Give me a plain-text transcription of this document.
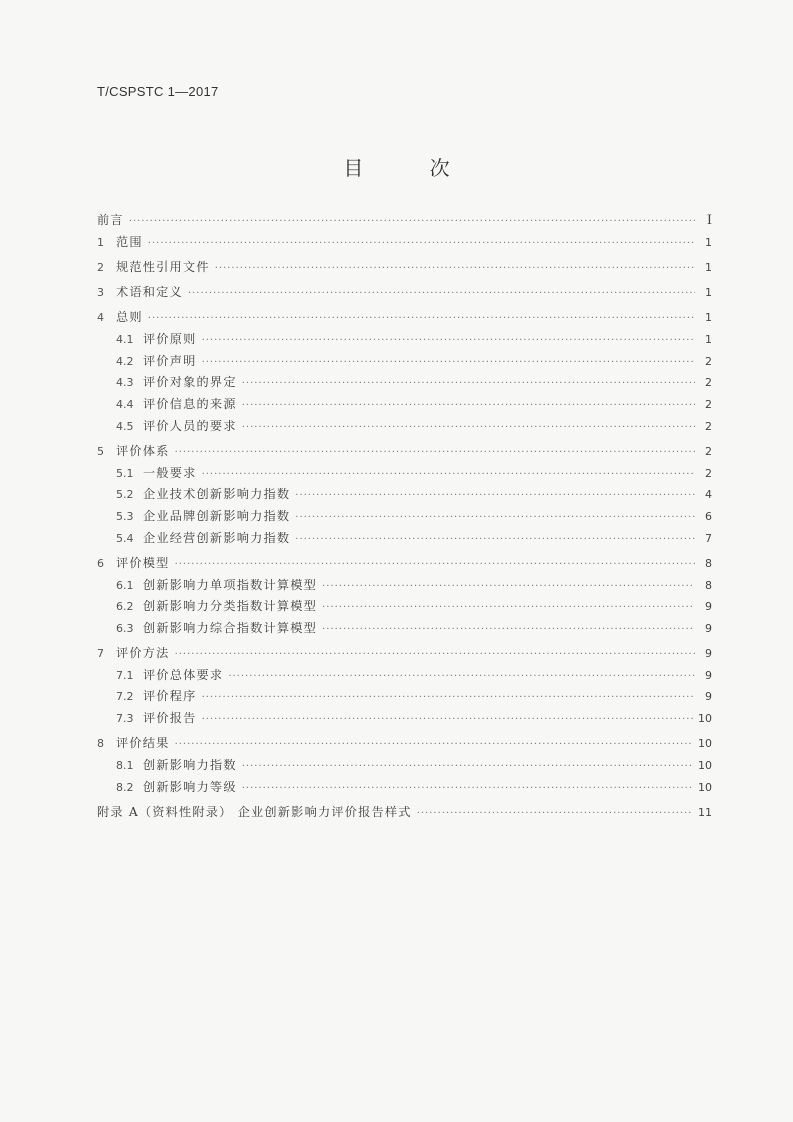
T/CSPSTC 1—2017
目 次
前言 ·····	Ⅰ
1 范围 ·····	1
2 规范性引用文件 ·····	1
3 术语和定义 ·····	1
4 总则 ·····	1
4.1 评价原则 ·····	1
4.2 评价声明 ·····	2
4.3 评价对象的界定 ·····	2
4.4 评价信息的来源 ·····	2
4.5 评价人员的要求 ·····	2
5 评价体系 ·····	2
5.1 一般要求 ·····	2
5.2 企业技术创新影响力指数 ·····	4
5.3 企业品牌创新影响力指数 ·····	6
5.4 企业经营创新影响力指数 ·····	7
6 评价模型 ·····	8
6.1 创新影响力单项指数计算模型 ·····	8
6.2 创新影响力分类指数计算模型 ·····	9
6.3 创新影响力综合指数计算模型 ·····	9
7 评价方法 ·····	9
7.1 评价总体要求 ·····	9
7.2 评价程序 ·····	9
7.3 评价报告 ·····	10
8 评价结果 ·····	10
8.1 创新影响力指数 ·····	10
8.2 创新影响力等级 ·····	10
附录 A（资料性附录） 企业创新影响力评价报告样式 ·····	11
